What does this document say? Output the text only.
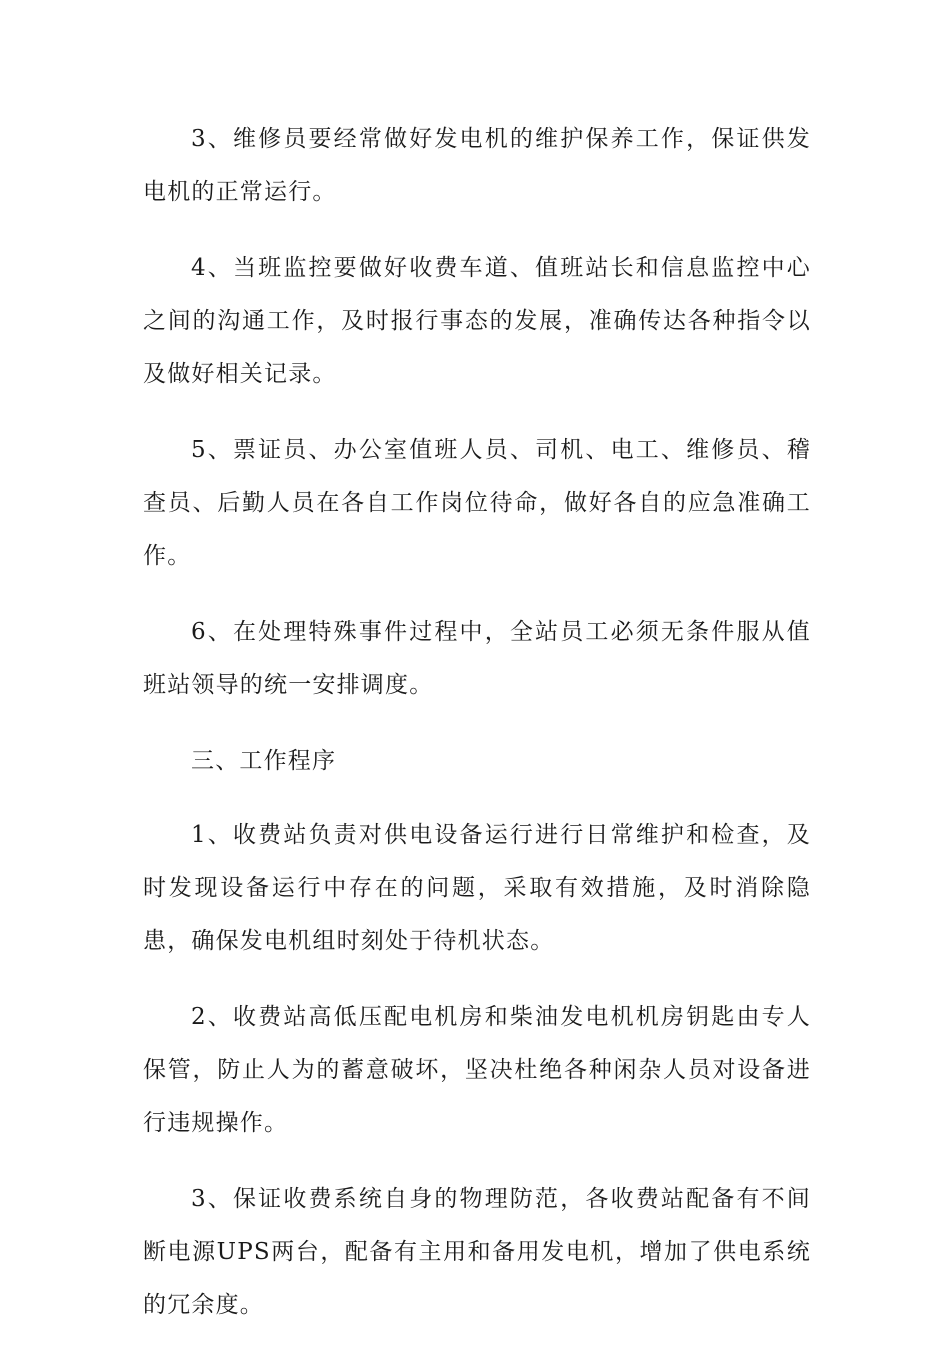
3、维修员要经常做好发电机的维护保养工作，保证供发电机的正常运行。

4、当班监控要做好收费车道、值班站长和信息监控中心之间的沟通工作，及时报行事态的发展，准确传达各种指令以及做好相关记录。

5、票证员、办公室值班人员、司机、电工、维修员、稽查员、后勤人员在各自工作岗位待命，做好各自的应急准确工作。

6、在处理特殊事件过程中，全站员工必须无条件服从值班站领导的统一安排调度。

三、工作程序

1、收费站负责对供电设备运行进行日常维护和检查，及时发现设备运行中存在的问题，采取有效措施，及时消除隐患，确保发电机组时刻处于待机状态。

2、收费站高低压配电机房和柴油发电机机房钥匙由专人保管，防止人为的蓄意破坏，坚决杜绝各种闲杂人员对设备进行违规操作。

3、保证收费系统自身的物理防范，各收费站配备有不间断电源UPS两台，配备有主用和备用发电机，增加了供电系统的冗余度。
